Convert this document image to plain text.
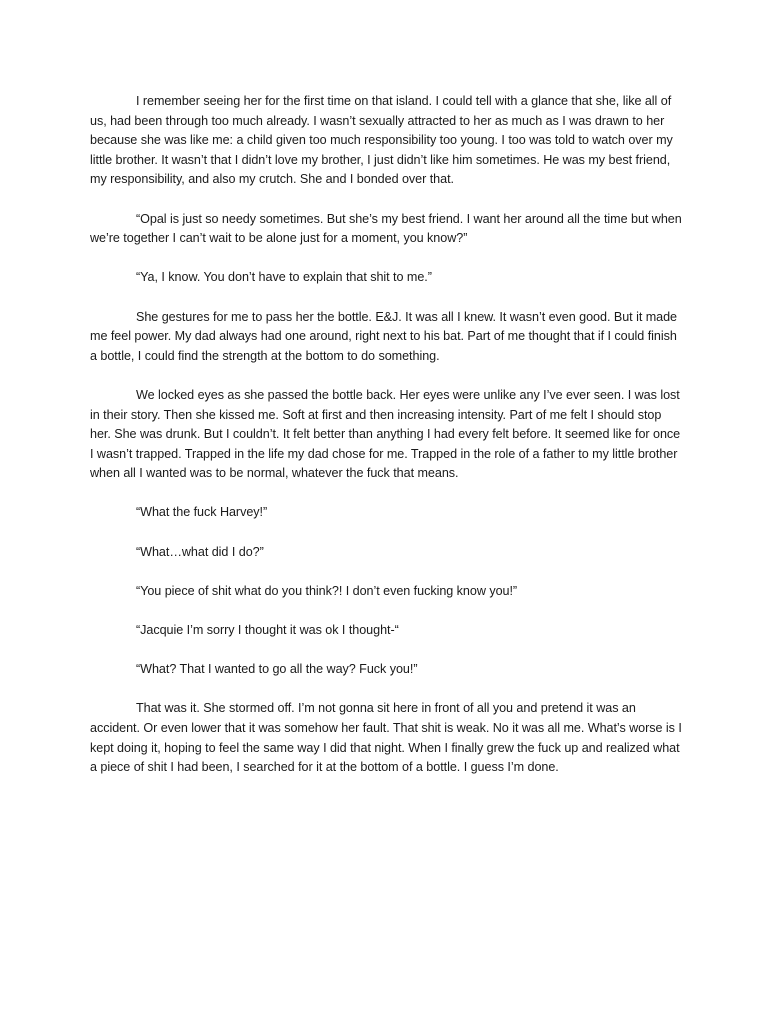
I remember seeing her for the first time on that island. I could tell with a glance that she, like all of us, had been through too much already. I wasn’t sexually attracted to her as much as I was drawn to her because she was like me: a child given too much responsibility too young. I too was told to watch over my little brother. It wasn’t that I didn’t love my brother, I just didn’t like him sometimes. He was my best friend, my responsibility, and also my crutch. She and I bonded over that.

“Opal is just so needy sometimes. But she’s my best friend. I want her around all the time but when we’re together I can’t wait to be alone just for a moment, you know?”

“Ya, I know. You don’t have to explain that shit to me.”

She gestures for me to pass her the bottle. E&J. It was all I knew. It wasn’t even good. But it made me feel power. My dad always had one around, right next to his bat. Part of me thought that if I could finish a bottle, I could find the strength at the bottom to do something.

We locked eyes as she passed the bottle back. Her eyes were unlike any I’ve ever seen. I was lost in their story. Then she kissed me. Soft at first and then increasing intensity. Part of me felt I should stop her. She was drunk. But I couldn’t. It felt better than anything I had every felt before. It seemed like for once I wasn’t trapped. Trapped in the life my dad chose for me. Trapped in the role of a father to my little brother when all I wanted was to be normal, whatever the fuck that means.

“What the fuck Harvey!”

“What…what did I do?”

“You piece of shit what do you think?! I don’t even fucking know you!”

“Jacquie I’m sorry I thought it was ok I thought-“

“What? That I wanted to go all the way? Fuck you!”

That was it. She stormed off. I’m not gonna sit here in front of all you and pretend it was an accident. Or even lower that it was somehow her fault. That shit is weak. No it was all me. What’s worse is I kept doing it, hoping to feel the same way I did that night. When I finally grew the fuck up and realized what a piece of shit I had been, I searched for it at the bottom of a bottle. I guess I’m done.
